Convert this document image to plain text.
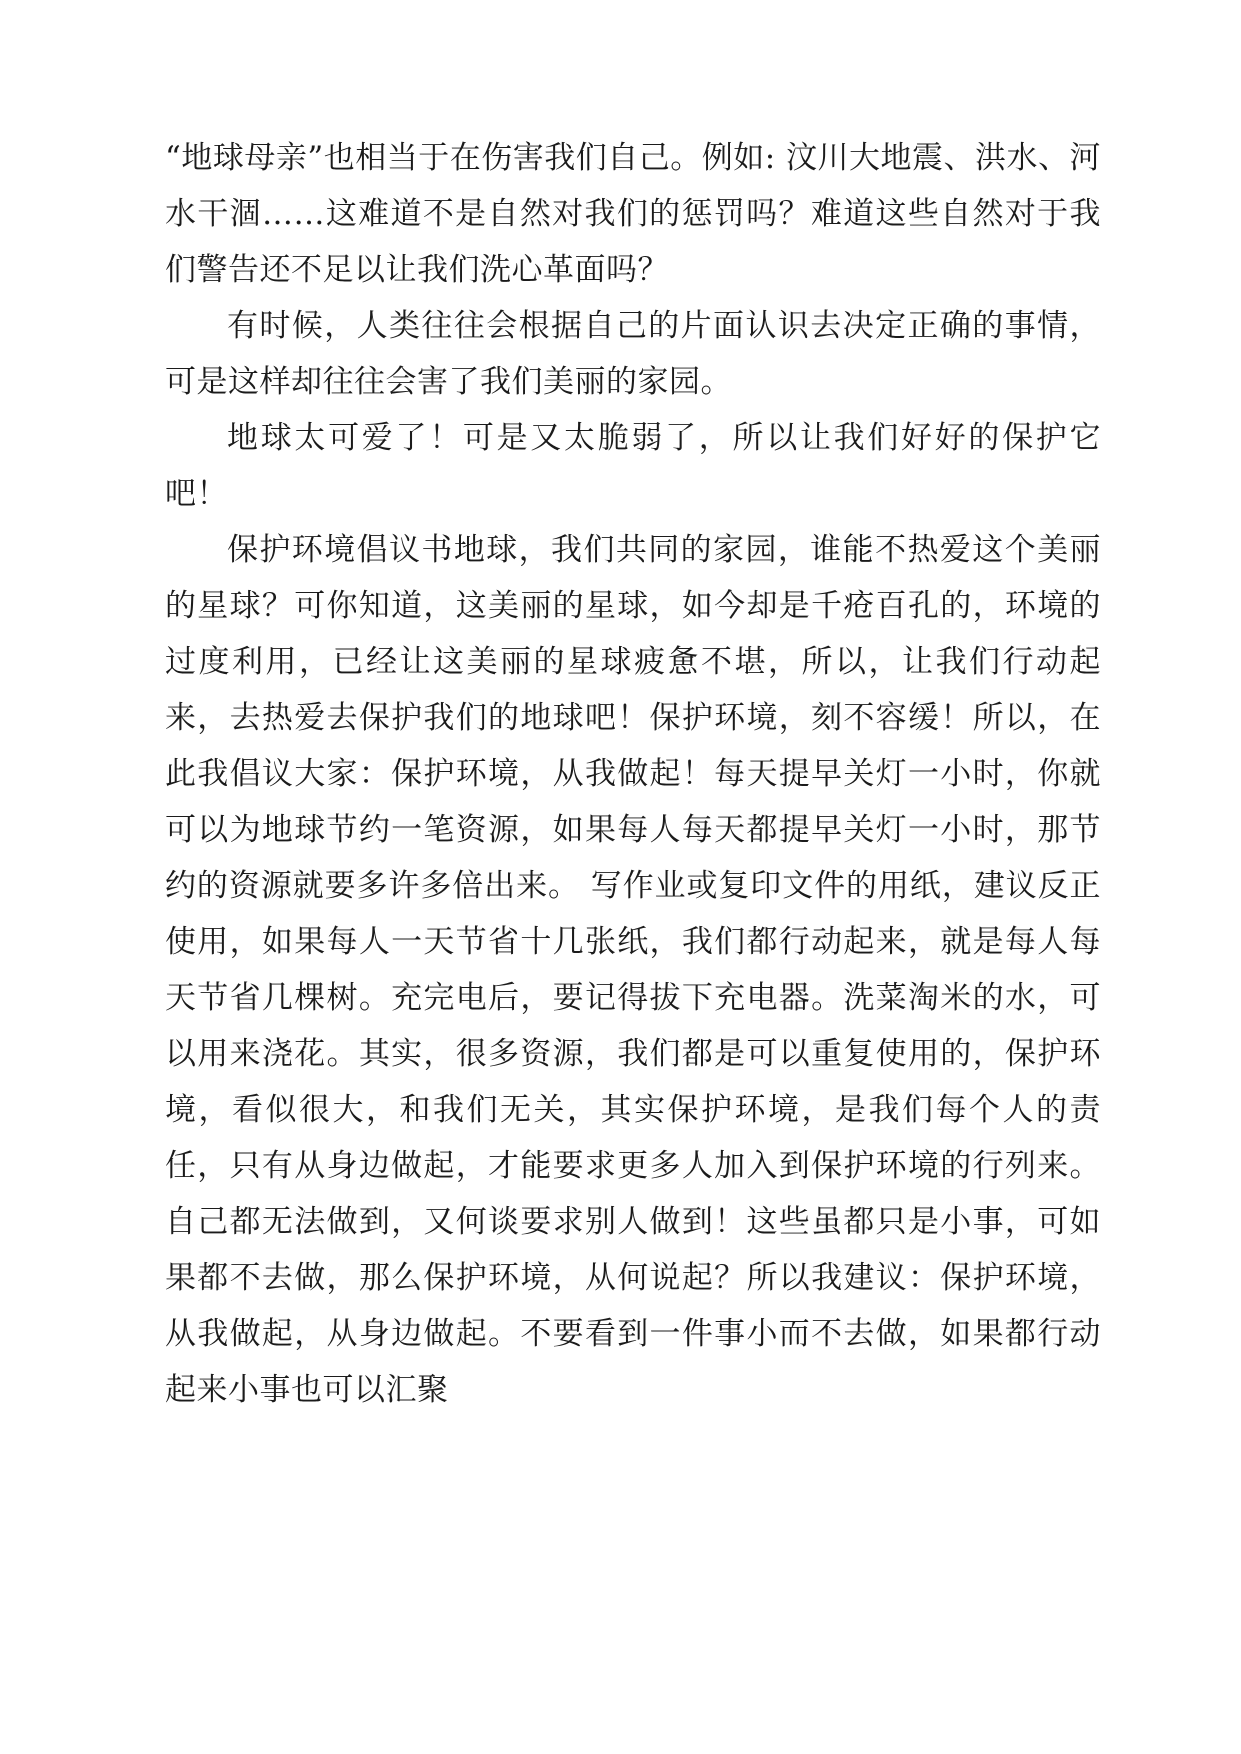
“地球母亲”也相当于在伤害我们自己。例如: 汶川大地震、洪水、河水干涸……这难道不是自然对我们的惩罚吗？难道这些自然对于我们警告还不足以让我们洗心革面吗？

有时候，人类往往会根据自己的片面认识去决定正确的事情，可是这样却往往会害了我们美丽的家园。

地球太可爱了！可是又太脆弱了，所以让我们好好的保护它吧！

保护环境倡议书地球，我们共同的家园，谁能不热爱这个美丽的星球？可你知道，这美丽的星球，如今却是千疮百孔的，环境的过度利用，已经让这美丽的星球疲惫不堪，所以，让我们行动起来，去热爱去保护我们的地球吧！保护环境，刻不容缓！所以，在此我倡议大家：保护环境，从我做起！每天提早关灯一小时，你就可以为地球节约一笔资源，如果每人每天都提早关灯一小时，那节约的资源就要多许多倍出来。 写作业或复印文件的用纸，建议反正使用，如果每人一天节省十几张纸，我们都行动起来，就是每人每天节省几棵树。充完电后，要记得拔下充电器。洗菜淘米的水，可以用来浇花。其实，很多资源，我们都是可以重复使用的，保护环境，看似很大，和我们无关，其实保护环境，是我们每个人的责任，只有从身边做起，才能要求更多人加入到保护环境的行列来。自己都无法做到，又何谈要求别人做到！这些虽都只是小事，可如果都不去做，那么保护环境，从何说起？所以我建议：保护环境，从我做起，从身边做起。不要看到一件事小而不去做，如果都行动起来小事也可以汇聚
